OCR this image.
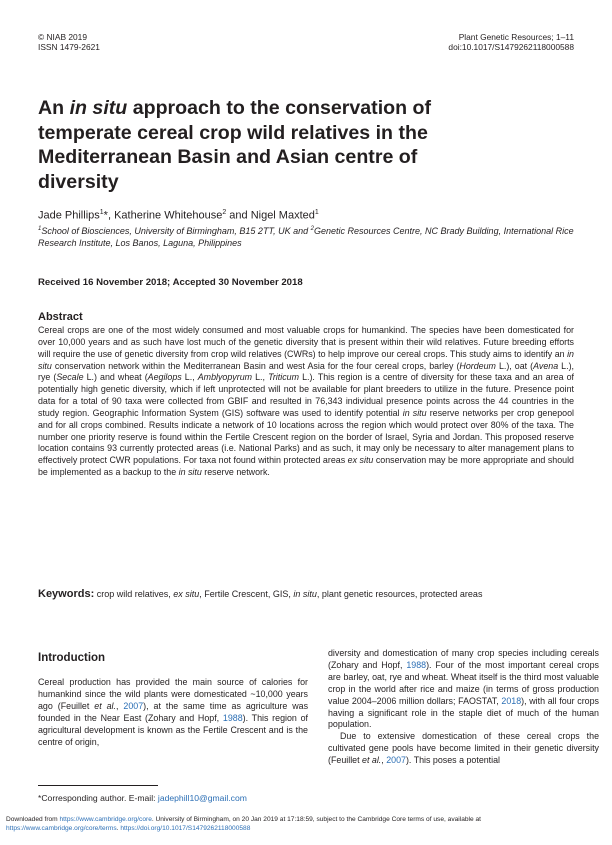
© NIAB 2019
ISSN 1479-2621
Plant Genetic Resources; 1–11
doi:10.1017/S1479262118000588
An in situ approach to the conservation of temperate cereal crop wild relatives in the Mediterranean Basin and Asian centre of diversity
Jade Phillips$^1$*, Katherine Whitehouse$^2$ and Nigel Maxted$^1$
$^1$School of Biosciences, University of Birmingham, B15 2TT, UK and $^2$Genetic Resources Centre, NC Brady Building, International Rice Research Institute, Los Banos, Laguna, Philippines
Received 16 November 2018; Accepted 30 November 2018
Abstract
Cereal crops are one of the most widely consumed and most valuable crops for humankind. The species have been domesticated for over 10,000 years and as such have lost much of the genetic diversity that is present within their wild relatives. Future breeding efforts will require the use of genetic diversity from crop wild relatives (CWRs) to help improve our cereal crops. This study aims to identify an in situ conservation network within the Mediterranean Basin and west Asia for the four cereal crops, barley (Hordeum L.), oat (Avena L.), rye (Secale L.) and wheat (Aegilops L., Amblyopyrum L., Triticum L.). This region is a centre of diversity for these taxa and an area of potentially high genetic diversity, which if left unprotected will not be available for plant breeders to utilize in the future. Presence point data for a total of 90 taxa were collected from GBIF and resulted in 76,343 individual presence points across the 44 countries in the study region. Geographic Information System (GIS) software was used to identify potential in situ reserve networks per crop genepool and for all crops combined. Results indicate a network of 10 locations across the region which would protect over 80% of the taxa. The number one priority reserve is found within the Fertile Crescent region on the border of Israel, Syria and Jordan. This proposed reserve location contains 93 currently protected areas (i.e. National Parks) and as such, it may only be necessary to alter management plans to effectively protect CWR populations. For taxa not found within protected areas ex situ conservation may be more appropriate and should be implemented as a backup to the in situ reserve network.
Keywords: crop wild relatives, ex situ, Fertile Crescent, GIS, in situ, plant genetic resources, protected areas
Introduction

Cereal production has provided the main source of calories for humankind since the wild plants were domesticated ~10,000 years ago (Feuillet et al., 2007), at the same time as agriculture was founded in the Near East (Zohary and Hopf, 1988). This region of agricultural development is known as the Fertile Crescent and is the centre of origin,

diversity and domestication of many crop species including cereals (Zohary and Hopf, 1988). Four of the most important cereal crops are barley, oat, rye and wheat. Wheat itself is the third most valuable crop in the world after rice and maize (in terms of gross production value 2004–2006 million dollars; FAOSTAT, 2018), with all four crops having a significant role in the staple diet of much of the human population.

Due to extensive domestication of these cereal crops the cultivated gene pools have become limited in their genetic diversity (Feuillet et al., 2007). This poses a potential

*Corresponding author. E-mail: jadephill10@gmail.com
Downloaded from https://www.cambridge.org/core. University of Birmingham, on 20 Jan 2019 at 17:18:59, subject to the Cambridge Core terms of use, available at
https://www.cambridge.org/core/terms. https://doi.org/10.1017/S1479262118000588
